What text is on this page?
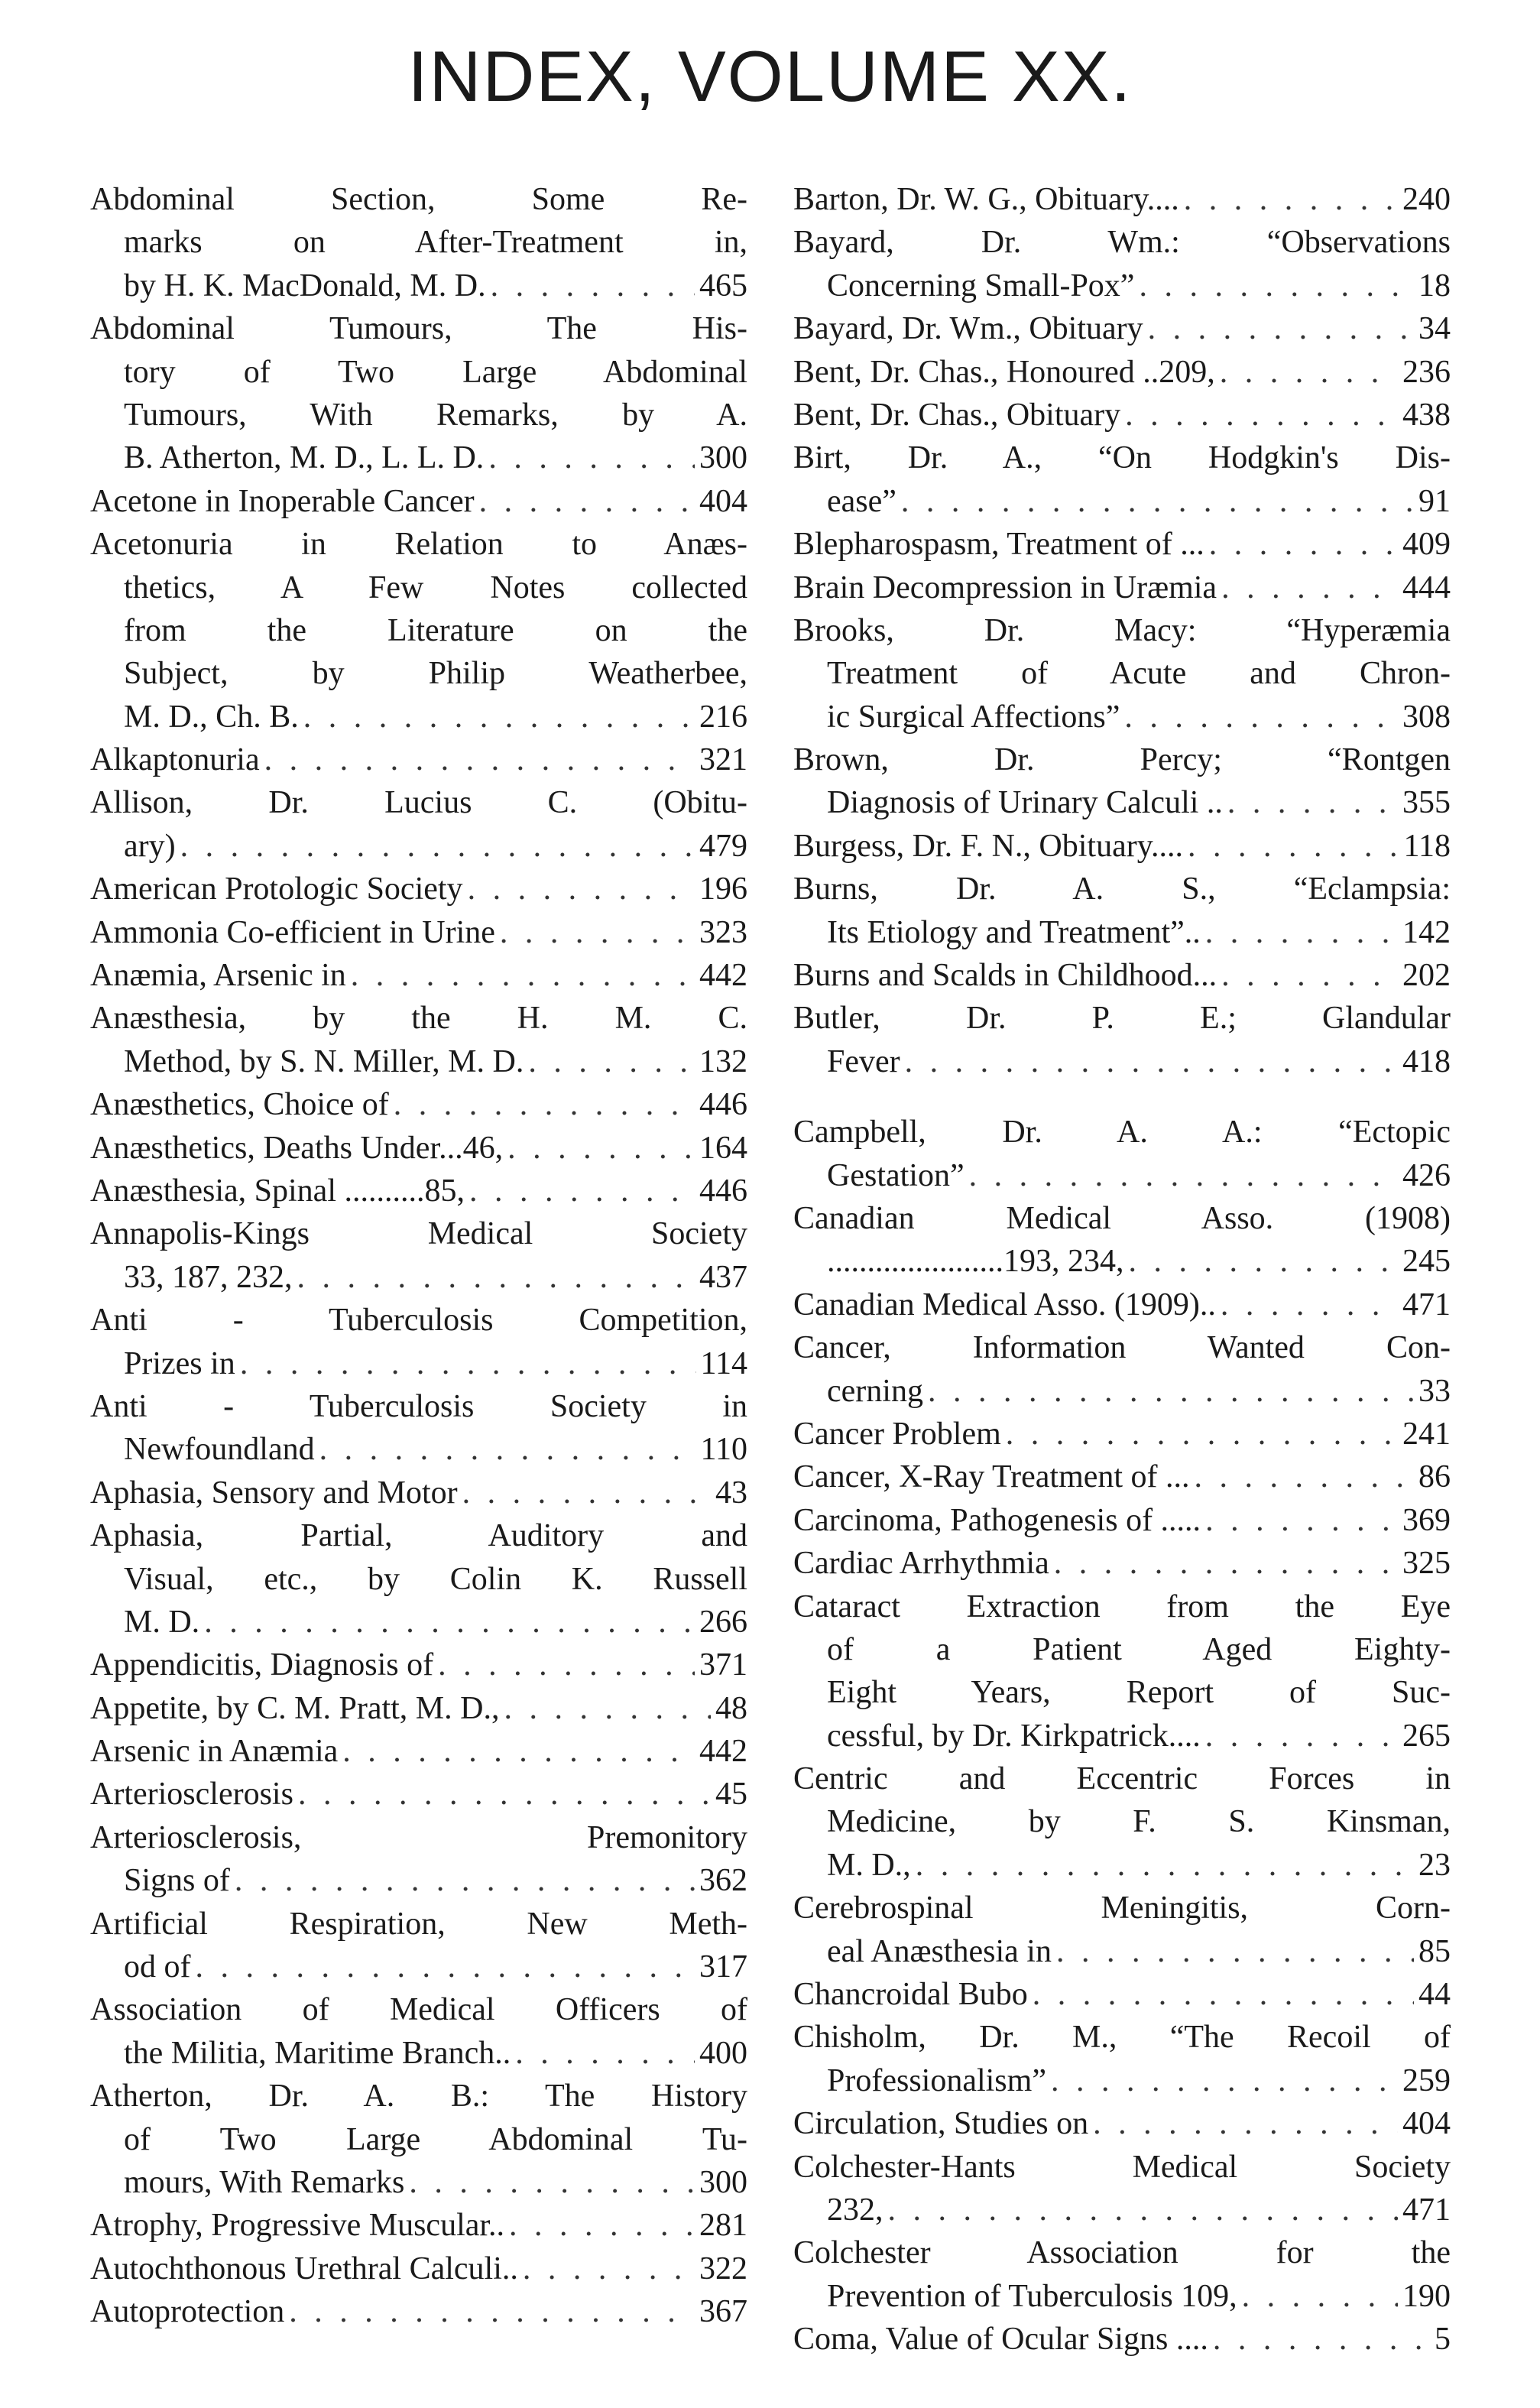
INDEX, VOLUME XX.
Abdominal Section, Some Re-
marks on After-Treatment in,
by H. K. MacDonald, M. D. . . .	465
Abdominal Tumours, The His-
tory of Two Large Abdominal
Tumours, With Remarks, by A.
B. Atherton, M. D., L. L. D. . . .	300
Acetone in Inoperable Cancer . . .	404
Acetonuria in Relation to Anæs-
thetics, A Few Notes collected
from the Literature on the
Subject, by Philip Weatherbee,
M. D., Ch. B. . . .	216
Alkaptonuria . . .	321
Allison, Dr. Lucius C. (Obitu-
ary) . . .	479
American Protologic Society . . .	196
Ammonia Co-efficient in Urine . . .	323
Anæmia, Arsenic in . . .	442
Anæsthesia, by the H. M. C.
Method, by S. N. Miller, M. D. . . .	132
Anæsthetics, Choice of . . .	446
Anæsthetics, Deaths Under...46, . . .	164
Anæsthesia, Spinal ..........85, . . .	446
Annapolis-Kings Medical Society
33, 187, 232, . . .	437
Anti - Tuberculosis Competition,
Prizes in . . .	114
Anti - Tuberculosis Society in
Newfoundland . . .	110
Aphasia, Sensory and Motor . . .	43
Aphasia, Partial, Auditory and
Visual, etc., by Colin K. Russell
M. D. . . .	266
Appendicitis, Diagnosis of . . .	371
Appetite, by C. M. Pratt, M. D., . . .	48
Arsenic in Anæmia . . .	442
Arteriosclerosis . . .	45
Arteriosclerosis, Premonitory
Signs of . . .	362
Artificial Respiration, New Meth-
od of . . .	317
Association of Medical Officers of
the Militia, Maritime Branch.. . . .	400
Atherton, Dr. A. B.: The History
of Two Large Abdominal Tu-
mours, With Remarks . . .	300
Atrophy, Progressive Muscular.. . . .	281
Autochthonous Urethral Calculi.. . . .	322
Autoprotection . . .	367
Barton, Dr. W. G., Obituary.... . . .	240
Bayard, Dr. Wm.: “Observations
Concerning Small-Pox” . . .	18
Bayard, Dr. Wm., Obituary . . .	34
Bent, Dr. Chas., Honoured ..209, . . .	236
Bent, Dr. Chas., Obituary . . .	438
Birt, Dr. A., “On Hodgkin's Dis-
ease” . . .	91
Blepharospasm, Treatment of ... . . .	409
Brain Decompression in Uræmia . . .	444
Brooks, Dr. Macy: “Hyperæmia
Treatment of Acute and Chron-
ic Surgical Affections” . . .	308
Brown, Dr. Percy; “Rontgen
Diagnosis of Urinary Calculi .. . . .	355
Burgess, Dr. F. N., Obituary.... . . .	118
Burns, Dr. A. S., “Eclampsia:
Its Etiology and Treatment”.. . . .	142
Burns and Scalds in Childhood... . . .	202
Butler, Dr. P. E.; Glandular
Fever . . .	418
Campbell, Dr. A. A.: “Ectopic
Gestation” . . .	426
Canadian Medical Asso. (1908)
......................193, 234, . . .	245
Canadian Medical Asso. (1909).. . . .	471
Cancer, Information Wanted Con-
cerning . . .	33
Cancer Problem . . .	241
Cancer, X-Ray Treatment of ... . . .	86
Carcinoma, Pathogenesis of ..... . . .	369
Cardiac Arrhythmia . . .	325
Cataract Extraction from the Eye
of a Patient Aged Eighty-
Eight Years, Report of Suc-
cessful, by Dr. Kirkpatrick.... . . .	265
Centric and Eccentric Forces in
Medicine, by F. S. Kinsman,
M. D., . . .	23
Cerebrospinal Meningitis, Corn-
eal Anæsthesia in . . .	85
Chancroidal Bubo . . .	44
Chisholm, Dr. M., “The Recoil of
Professionalism” . . .	259
Circulation, Studies on . . .	404
Colchester-Hants Medical Society
232, . . .	471
Colchester Association for the
Prevention of Tuberculosis 109, . . .	190
Coma, Value of Ocular Signs .... . . .	5
